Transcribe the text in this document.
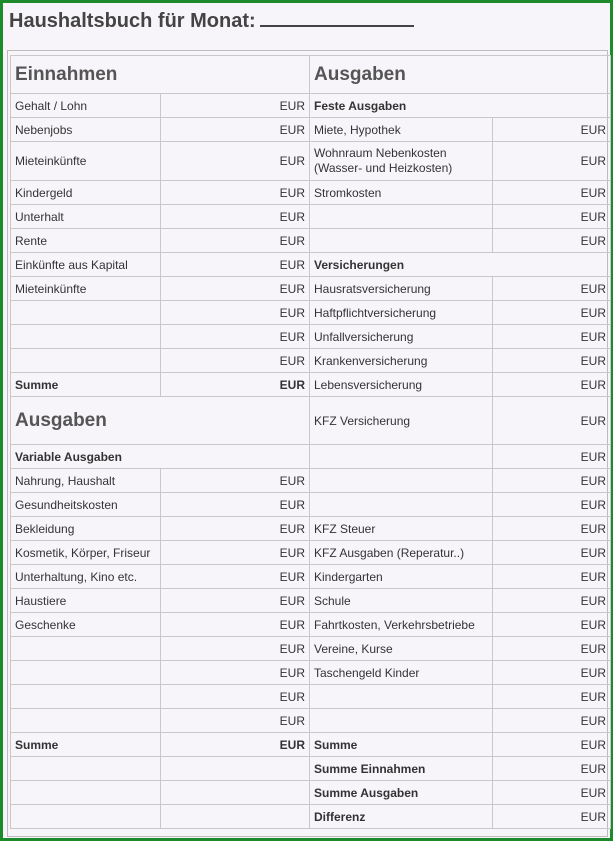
Haushaltsbuch für Monat:
Einnahmen		Ausgaben	
Gehalt / Lohn	EUR	Feste Ausgaben	
Nebenjobs	EUR	Miete, Hypothek	EUR
Mieteinkünfte	EUR	Wohnraum Nebenkosten (Wasser- und Heizkosten)	EUR
Kindergeld	EUR	Stromkosten	EUR
Unterhalt	EUR		EUR
Rente	EUR		EUR
Einkünfte aus Kapital	EUR	Versicherungen	
Mieteinkünfte	EUR	Hausratsversicherung	EUR
	EUR	Haftpflichtversicherung	EUR
	EUR	Unfallversicherung	EUR
	EUR	Krankenversicherung	EUR
Summe	EUR	Lebensversicherung	EUR
Ausgaben		KFZ Versicherung	EUR
Variable Ausgaben			EUR
Nahrung, Haushalt	EUR		EUR
Gesundheitskosten	EUR		EUR
Bekleidung	EUR	KFZ Steuer	EUR
Kosmetik, Körper, Friseur	EUR	KFZ Ausgaben (Reperatur..)	EUR
Unterhaltung, Kino etc.	EUR	Kindergarten	EUR
Haustiere	EUR	Schule	EUR
Geschenke	EUR	Fahrtkosten, Verkehrsbetriebe	EUR
	EUR	Vereine, Kurse	EUR
	EUR	Taschengeld Kinder	EUR
	EUR		EUR
	EUR		EUR
Summe	EUR	Summe	EUR
		Summe Einnahmen	EUR
		Summe Ausgaben	EUR
		Differenz	EUR
